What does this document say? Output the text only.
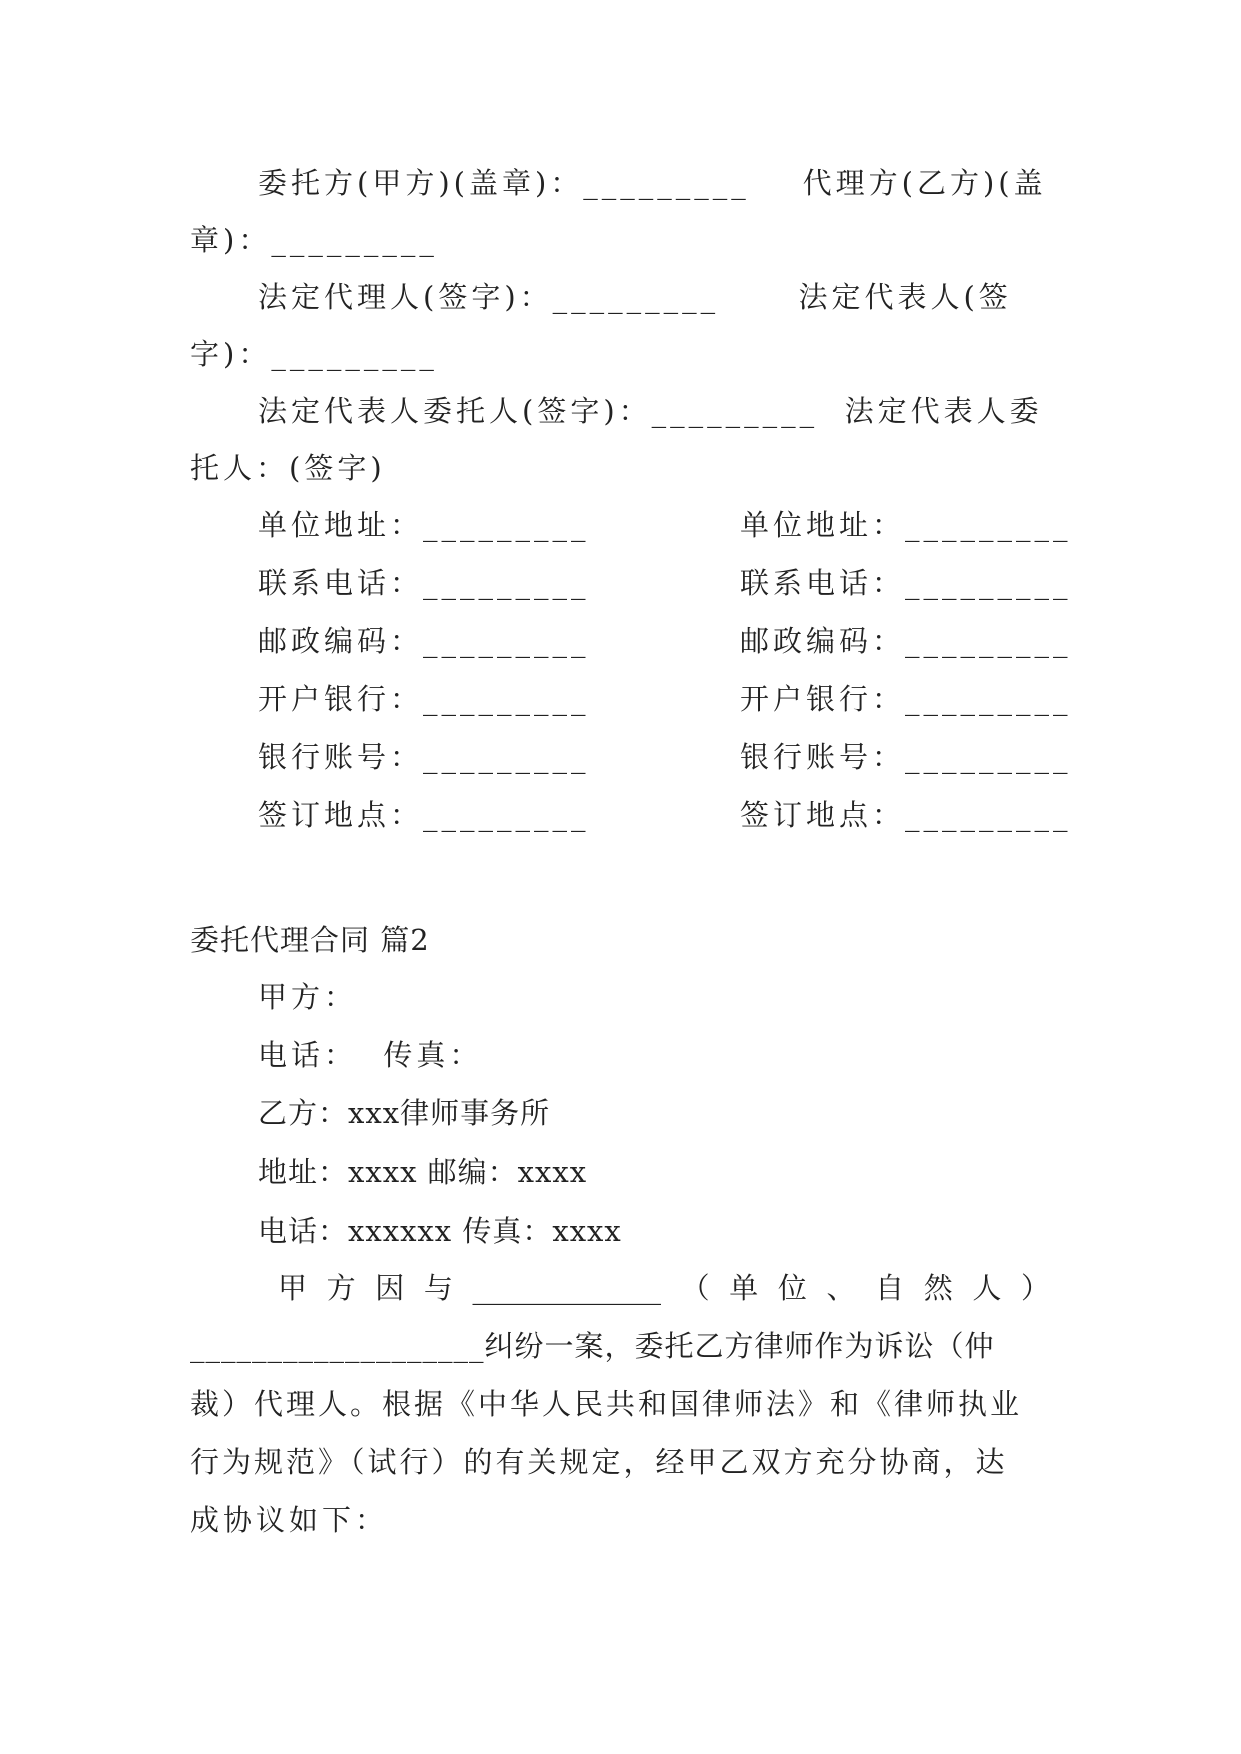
委托方(甲方)(盖章)：_________    代理方(乙方)(盖
章)：_________
法定代理人(签字)：_________      法定代表人(签
字)：_________
法定代表人委托人(签字)：_________  法定代表人委
托人：(签字)
单位地址：_________	单位地址：_________
联系电话：_________	联系电话：_________
邮政编码：_________	邮政编码：_________
开户银行：_________	开户银行：_________
银行账号：_________	银行账号：_________
签订地点：_________	签订地点：_________
委托代理合同 篇2
甲方：
电话：  传真：
乙方：xxx律师事务所
地址：xxxx 邮编：xxxx
电话：xxxxxx 传真：xxxx
甲方因与_____________（单位、自然人）
___________________纠纷一案，委托乙方律师作为诉讼（仲
裁）代理人。根据《中华人民共和国律师法》和《律师执业
行为规范》（试行）的有关规定，经甲乙双方充分协商，达
成协议如下：
